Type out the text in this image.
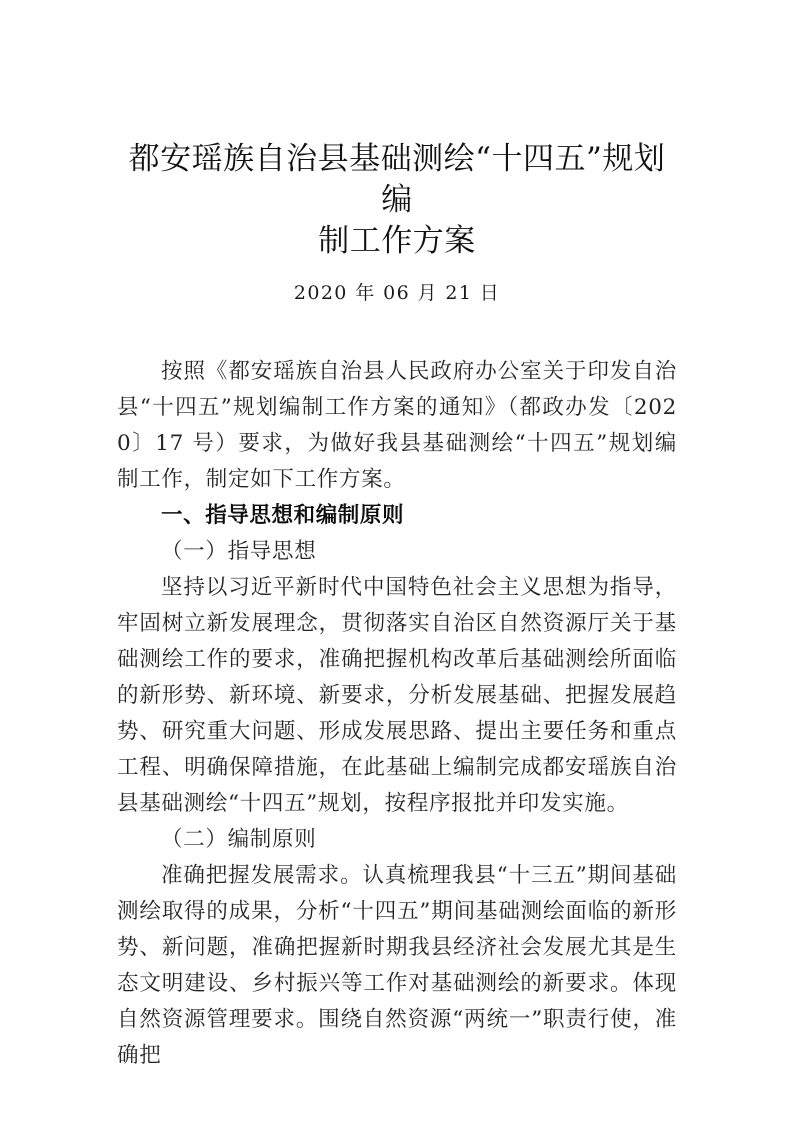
都安瑶族自治县基础测绘“十四五”规划编
制工作方案
2020 年 06 月 21 日

按照《都安瑶族自治县人民政府办公室关于印发自治县“十四五”规划编制工作方案的通知》（都政办发〔2020〕17 号）要求，为做好我县基础测绘“十四五”规划编制工作，制定如下工作方案。

一、指导思想和编制原则
（一）指导思想

坚持以习近平新时代中国特色社会主义思想为指导，牢固树立新发展理念，贯彻落实自治区自然资源厅关于基础测绘工作的要求，准确把握机构改革后基础测绘所面临的新形势、新环境、新要求，分析发展基础、把握发展趋势、研究重大问题、形成发展思路、提出主要任务和重点工程、明确保障措施，在此基础上编制完成都安瑶族自治县基础测绘“十四五”规划，按程序报批并印发实施。

（二）编制原则

准确把握发展需求。认真梳理我县“十三五”期间基础测绘取得的成果，分析“十四五”期间基础测绘面临的新形势、新问题，准确把握新时期我县经济社会发展尤其是生态文明建设、乡村振兴等工作对基础测绘的新要求。体现自然资源管理要求。围绕自然资源“两统一”职责行使，准确把
